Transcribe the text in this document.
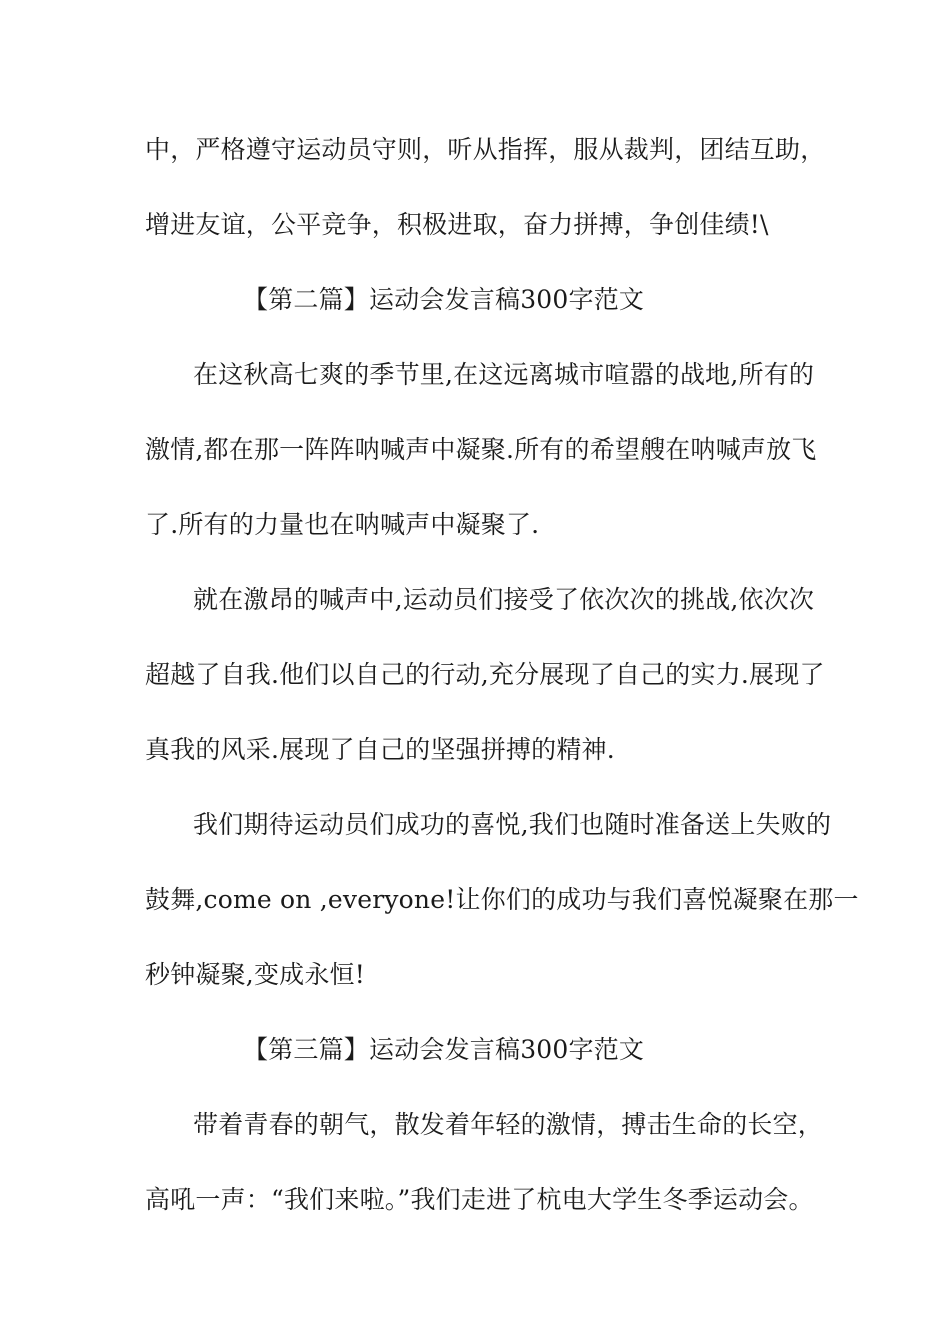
中，严格遵守运动员守则，听从指挥，服从裁判，团结互助，
增进友谊，公平竞争，积极进取，奋力拼搏，争创佳绩!\
【第二篇】运动会发言稿300字范文
在这秋高七爽的季节里,在这远离城市喧嚣的战地,所有的
激情,都在那一阵阵呐喊声中凝聚.所有的希望艘在呐喊声放飞
了.所有的力量也在呐喊声中凝聚了.
就在激昂的喊声中,运动员们接受了依次次的挑战,依次次
超越了自我.他们以自己的行动,充分展现了自己的实力.展现了
真我的风采.展现了自己的坚强拼搏的精神.
我们期待运动员们成功的喜悦,我们也随时准备送上失败的
鼓舞,come on ,everyone!让你们的成功与我们喜悦凝聚在那一
秒钟凝聚,变成永恒!
【第三篇】运动会发言稿300字范文
带着青春的朝气，散发着年轻的激情，搏击生命的长空，
高吼一声：“我们来啦。”我们走进了杭电大学生冬季运动会。
